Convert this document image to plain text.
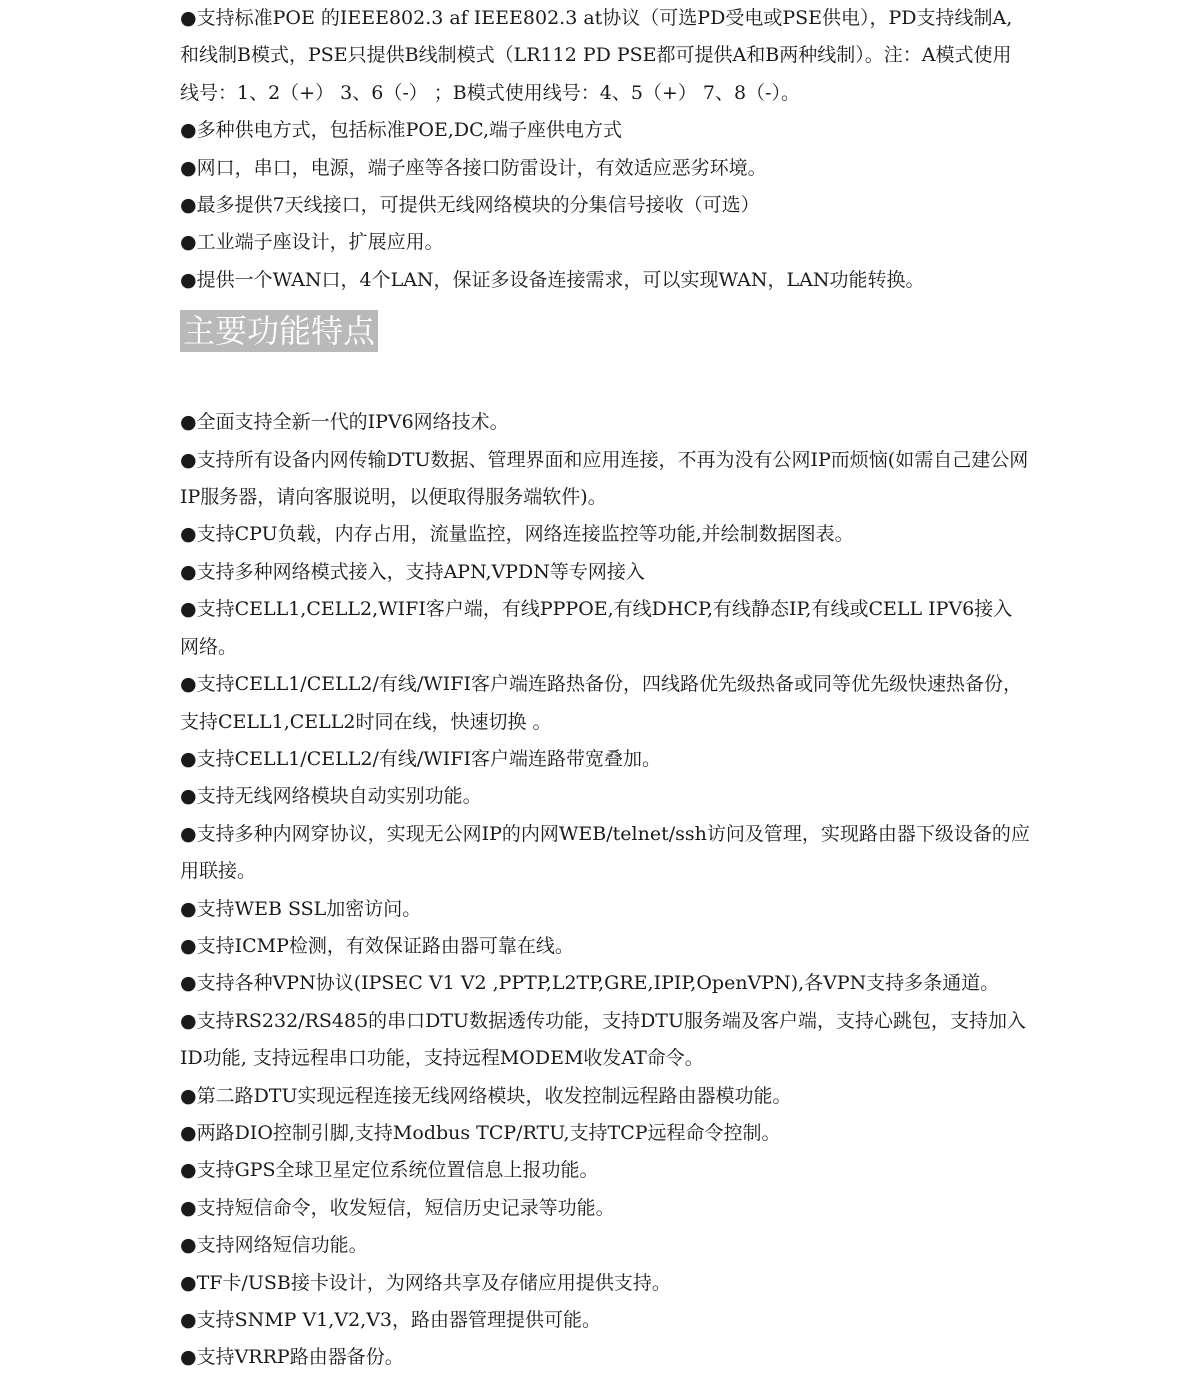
●支持标准POE 的IEEE802.3 af IEEE802.3 at协议（可选PD受电或PSE供电），PD支持线制A,和线制B模式，PSE只提供B线制模式（LR112 PD PSE都可提供A和B两种线制）。注：A模式使用线号：1、2（+） 3、6（-） ；B模式使用线号：4、5（+） 7、8（-）。

●多种供电方式，包括标准POE,DC,端子座供电方式

●网口，串口，电源，端子座等各接口防雷设计，有效适应恶劣环境。

●最多提供7天线接口，可提供无线网络模块的分集信号接收（可选）

●工业端子座设计，扩展应用。

●提供一个WAN口，4个LAN，保证多设备连接需求，可以实现WAN，LAN功能转换。

主要功能特点

●全面支持全新一代的IPV6网络技术。

●支持所有设备内网传输DTU数据、管理界面和应用连接，不再为没有公网IP而烦恼(如需自己建公网IP服务器，请向客服说明，以便取得服务端软件)。

●支持CPU负载，内存占用，流量监控，网络连接监控等功能,并绘制数据图表。

●支持多种网络模式接入，支持APN,VPDN等专网接入

●支持CELL1,CELL2,WIFI客户端，有线PPPOE,有线DHCP,有线静态IP,有线或CELL IPV6接入网络。

●支持CELL1/CELL2/有线/WIFI客户端连路热备份，四线路优先级热备或同等优先级快速热备份，支持CELL1,CELL2时同在线，快速切换 。

●支持CELL1/CELL2/有线/WIFI客户端连路带宽叠加。

●支持无线网络模块自动实别功能。

●支持多种内网穿协议，实现无公网IP的内网WEB/telnet/ssh访问及管理，实现路由器下级设备的应用联接。

●支持WEB SSL加密访问。

●支持ICMP检测，有效保证路由器可靠在线。

●支持各种VPN协议(IPSEC V1 V2 ,PPTP,L2TP,GRE,IPIP,OpenVPN),各VPN支持多条通道。

●支持RS232/RS485的串口DTU数据透传功能，支持DTU服务端及客户端，支持心跳包，支持加入ID功能, 支持远程串口功能，支持远程MODEM收发AT命令。

●第二路DTU实现远程连接无线网络模块，收发控制远程路由器模功能。

●两路DIO控制引脚,支持Modbus TCP/RTU,支持TCP远程命令控制。

●支持GPS全球卫星定位系统位置信息上报功能。

●支持短信命令，收发短信，短信历史记录等功能。

●支持网络短信功能。

●TF卡/USB接卡设计，为网络共享及存储应用提供支持。

●支持SNMP V1,V2,V3，路由器管理提供可能。

●支持VRRP路由器备份。
